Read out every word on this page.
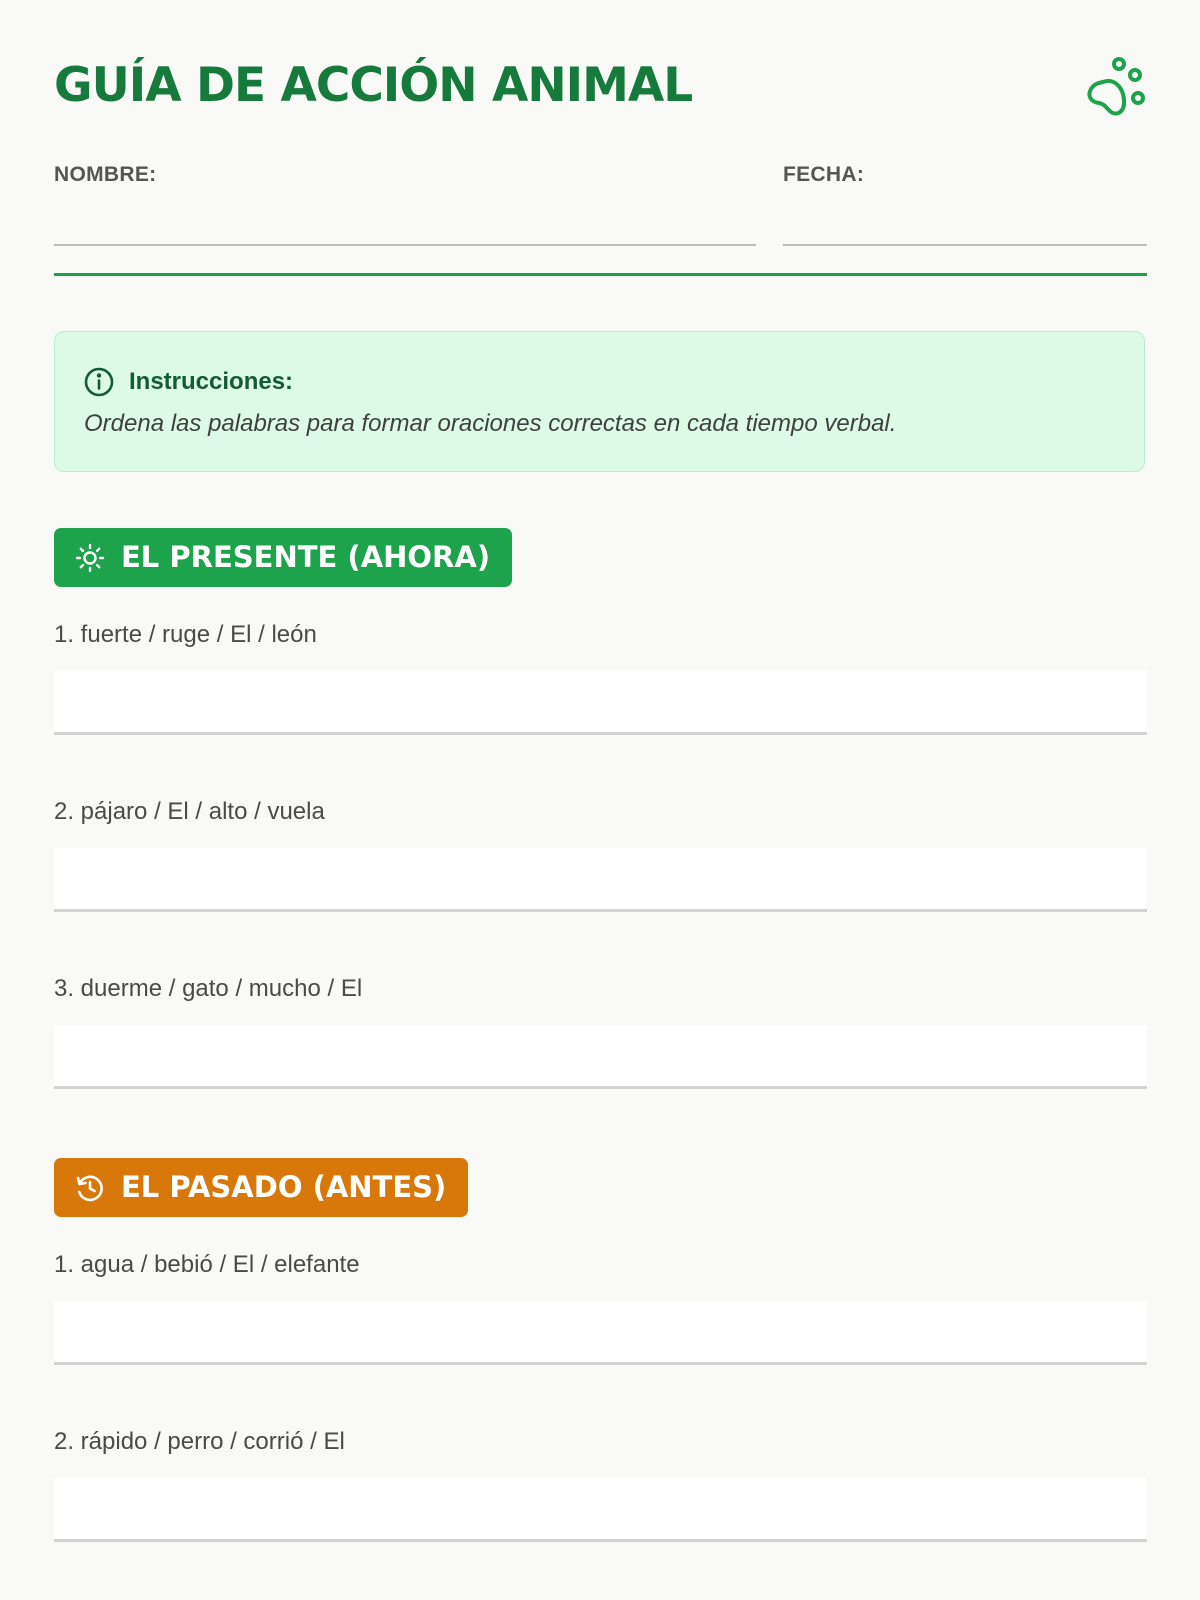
GUÍA DE ACCIÓN ANIMAL
NOMBRE:	FECHA:
Instrucciones:
Ordena las palabras para formar oraciones correctas en cada tiempo verbal.
EL PRESENTE (AHORA)
1. fuerte / ruge / El / león
2. pájaro / El / alto / vuela
3. duerme / gato / mucho / El
EL PASADO (ANTES)
1. agua / bebió / El / elefante
2. rápido / perro / corrió / El
